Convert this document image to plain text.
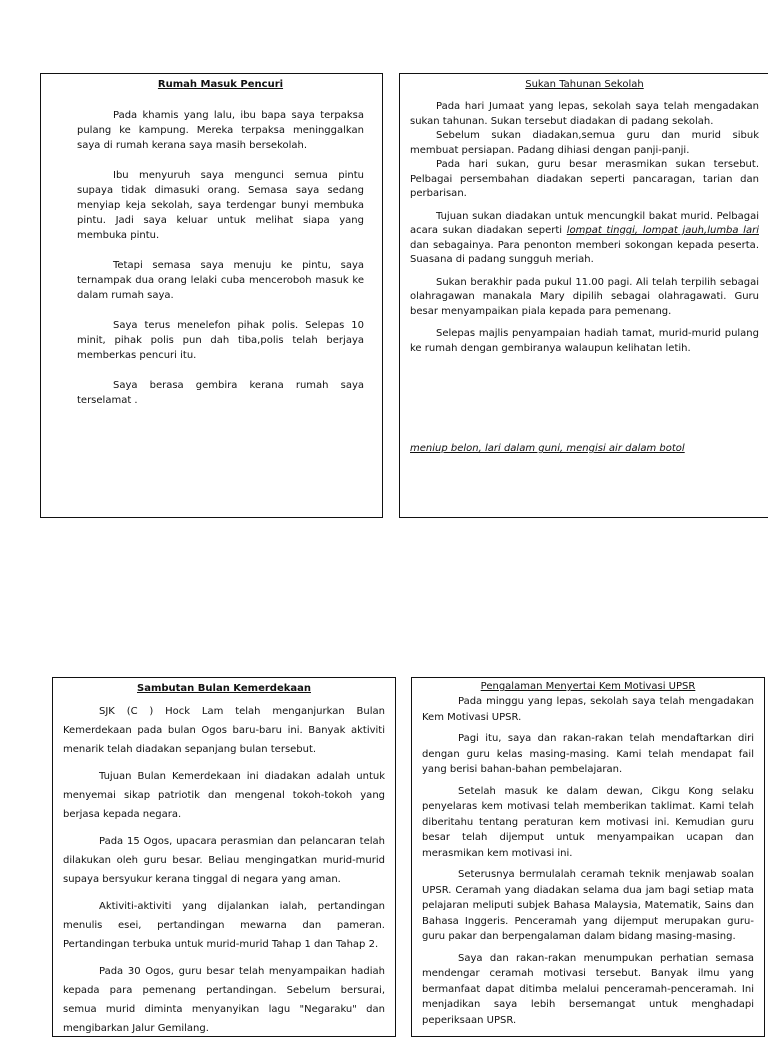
Rumah Masuk Pencuri

Pada khamis yang lalu, ibu bapa saya terpaksa pulang ke kampung. Mereka terpaksa meninggalkan saya di rumah kerana saya masih bersekolah.

Ibu menyuruh saya mengunci semua pintu supaya tidak dimasuki orang. Semasa saya sedang menyiap keja sekolah, saya terdengar bunyi membuka pintu. Jadi saya keluar untuk melihat siapa yang membuka pintu.

Tetapi semasa saya menuju ke pintu, saya ternampak dua orang lelaki cuba menceroboh masuk ke dalam rumah saya.

Saya terus menelefon pihak polis. Selepas 10 minit, pihak polis pun dah tiba,polis telah berjaya memberkas pencuri itu.

Saya berasa gembira kerana rumah saya terselamat .

Sukan Tahunan Sekolah

Pada hari Jumaat yang lepas, sekolah saya telah mengadakan sukan tahunan. Sukan tersebut diadakan di padang sekolah.

Sebelum sukan diadakan,semua guru dan murid sibuk membuat persiapan. Padang dihiasi dengan panji-panji.

Pada hari sukan, guru besar merasmikan sukan tersebut. Pelbagai persembahan diadakan seperti pancaragan, tarian dan perbarisan.

Tujuan sukan diadakan untuk mencungkil bakat murid. Pelbagai acara sukan diadakan seperti lompat tinggi, lompat jauh,lumba lari dan sebagainya. Para penonton memberi sokongan kepada peserta. Suasana di padang sungguh meriah.

Sukan berakhir pada pukul 11.00 pagi. Ali telah terpilih sebagai olahragawan manakala Mary dipilih sebagai olahragawati. Guru besar menyampaikan piala kepada para pemenang.

Selepas majlis penyampaian hadiah tamat, murid-murid pulang ke rumah dengan gembiranya walaupun kelihatan letih.

meniup belon, lari dalam guni, mengisi air dalam botol

Sambutan Bulan Kemerdekaan

SJK (C ) Hock Lam telah menganjurkan Bulan Kemerdekaan pada bulan Ogos baru-baru ini. Banyak aktiviti menarik telah diadakan sepanjang bulan tersebut.

Tujuan Bulan Kemerdekaan ini diadakan adalah untuk menyemai sikap patriotik dan mengenal tokoh-tokoh yang berjasa kepada negara.

Pada 15 Ogos, upacara perasmian dan pelancaran telah dilakukan oleh guru besar. Beliau mengingatkan murid-murid supaya bersyukur kerana tinggal di negara yang aman.

Aktiviti-aktiviti yang dijalankan ialah, pertandingan menulis esei, pertandingan mewarna dan pameran. Pertandingan terbuka untuk murid-murid Tahap 1 dan Tahap 2.

Pada 30 Ogos, guru besar telah menyampaikan hadiah kepada para pemenang pertandingan. Sebelum bersurai, semua murid diminta menyanyikan lagu "Negaraku" dan mengibarkan Jalur Gemilang.

Pengalaman Menyertai Kem Motivasi UPSR

Pada minggu yang lepas, sekolah saya telah mengadakan Kem Motivasi UPSR.

Pagi itu, saya dan rakan-rakan telah mendaftarkan diri dengan guru kelas masing-masing. Kami telah mendapat fail yang berisi bahan-bahan pembelajaran.

Setelah masuk ke dalam dewan, Cikgu Kong selaku penyelaras kem motivasi telah memberikan taklimat. Kami telah diberitahu tentang peraturan kem motivasi ini. Kemudian guru besar telah dijemput untuk menyampaikan ucapan dan merasmikan kem motivasi ini.

Seterusnya bermulalah ceramah teknik menjawab soalan UPSR. Ceramah yang diadakan selama dua jam bagi setiap mata pelajaran meliputi subjek Bahasa Malaysia, Matematik, Sains dan Bahasa Inggeris. Penceramah yang dijemput merupakan guru-guru pakar dan berpengalaman dalam bidang masing-masing.

Saya dan rakan-rakan menumpukan perhatian semasa mendengar ceramah motivasi tersebut. Banyak ilmu yang bermanfaat dapat ditimba melalui penceramah-penceramah. Ini menjadikan saya lebih bersemangat untuk menghadapi peperiksaan UPSR.
